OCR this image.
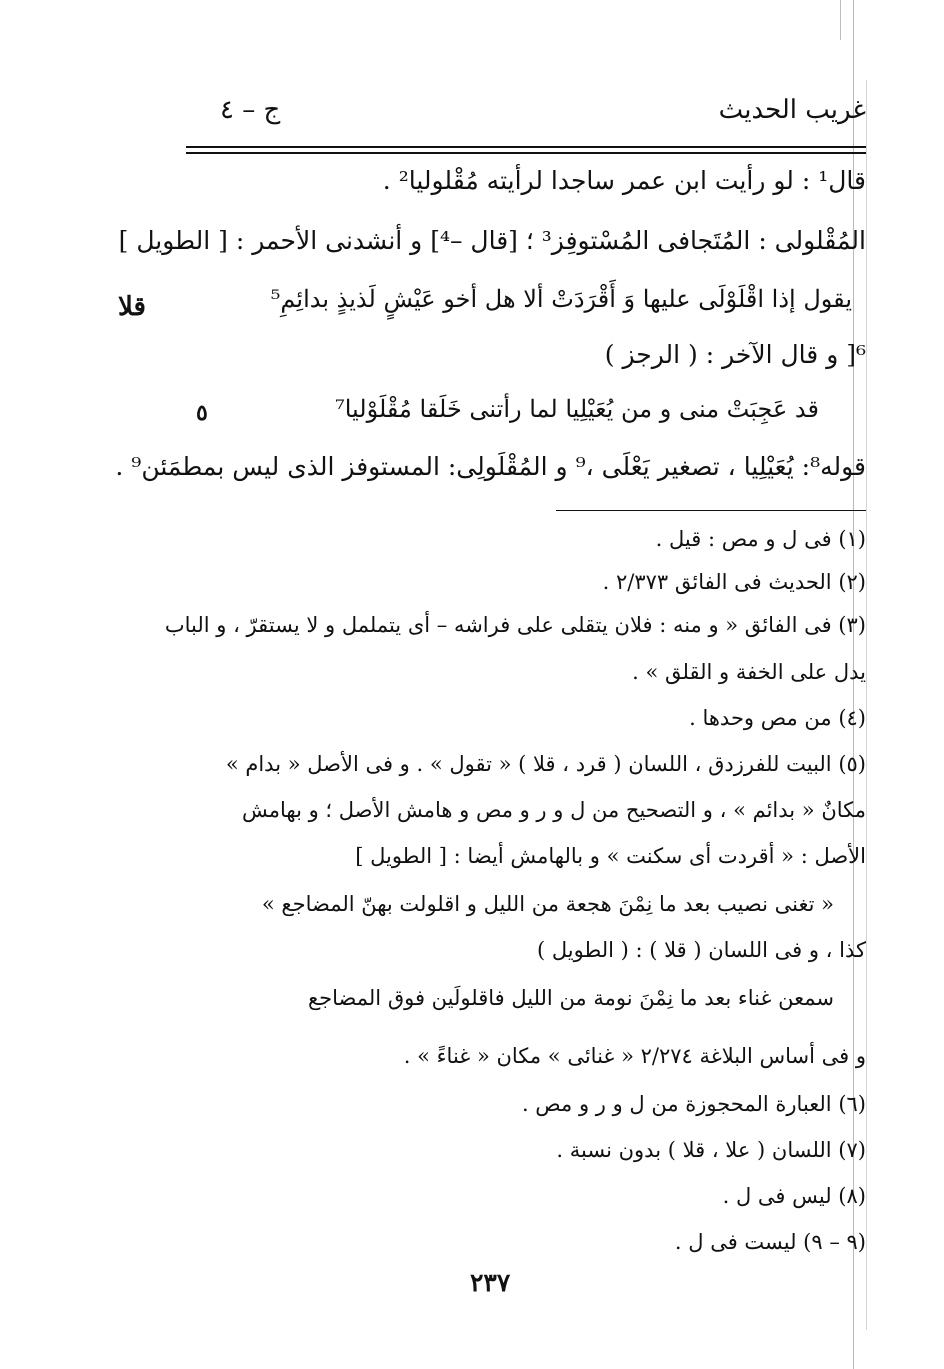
غريب الحديث
ج – ٤
قال¹ : لو رأيت ابن عمر ساجدا لرأيته مُقْلوليا² .
المُقْلولى : المُتَجافى المُسْتوفِز³ ؛ [قال –⁴] و أنشدنى الأحمر : [ الطويل ]
يقول إذا اقْلَوْلَى عليها وَ أَقْرَدَتْ ألا هل أخو عَيْشٍ لَذيذٍ بدائِمِ⁵
قلا
⁶[ و قال الآخر : ( الرجز )
قد عَجِبَتْ منى و من يُعَيْلِيا لما رأتنى خَلَقا مُقْلَوْليا⁷
٥
قوله⁸: يُعَيْلِيا ، تصغير يَعْلَى ،⁹ و المُقْلَولِى: المستوفز الذى ليس بمطمَئن⁹ .
(١) فى ل و مص : قيل .
(٢) الحديث فى الفائق ٢/٣٧٣ .
(٣) فى الفائق « و منه : فلان يتقلى على فراشه – أى يتململ و لا يستقرّ ، و الباب
يدل على الخفة و القلق » .
(٤) من مص وحدها .
(٥) البيت للفرزدق ، اللسان ( قرد ، قلا ) « تقول » . و فى الأصل « بدام »
مكانٌ « بدائم » ، و التصحيح من ل و ر و مص و هامش الأصل ؛ و بهامش
الأصل : « أقردت أى سكنت » و بالهامش أيضا : [ الطويل ]
« تغنى نصيب بعد ما نِمْنَ هجعة من الليل و اقلولت بهنّ المضاجع »
كذا ، و فى اللسان ( قلا ) : ( الطويل )
سمعن غناء بعد ما نِمْنَ نومة من الليل فاقلولَين فوق المضاجع
و فى أساس البلاغة ٢/٢٧٤ « غنائى » مكان « غناءً » .
(٦) العبارة المحجوزة من ل و ر و مص .
(٧) اللسان ( علا ، قلا ) بدون نسبة .
(٨) ليس فى ل .
(٩ – ٩) ليست فى ل .
٢٣٧
